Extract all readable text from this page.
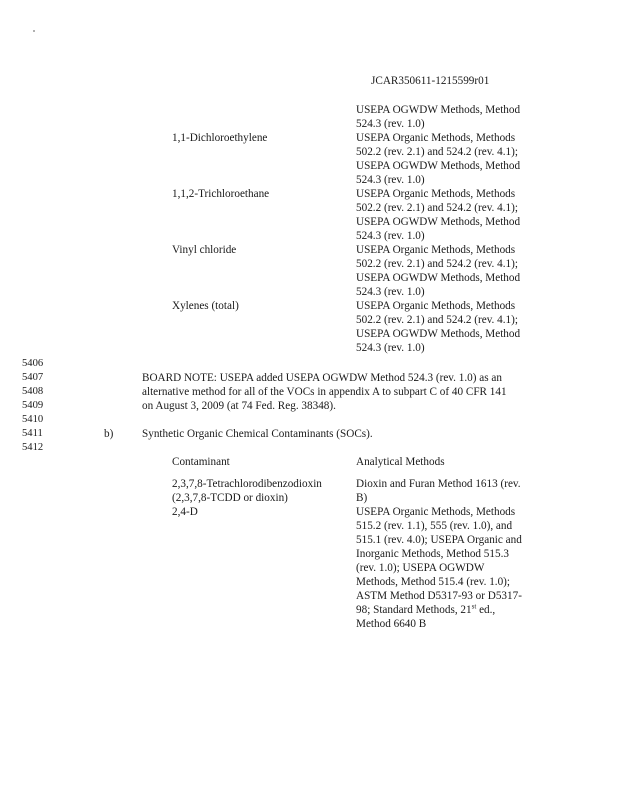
JCAR350611-1215599r01
USEPA OGWDW Methods, Method
524.3 (rev. 1.0)
1,1-Dichloroethylene	USEPA Organic Methods, Methods
502.2 (rev. 2.1) and 524.2 (rev. 4.1);
USEPA OGWDW Methods, Method
524.3 (rev. 1.0)
1,1,2-Trichloroethane	USEPA Organic Methods, Methods
502.2 (rev. 2.1) and 524.2 (rev. 4.1);
USEPA OGWDW Methods, Method
524.3 (rev. 1.0)
Vinyl chloride	USEPA Organic Methods, Methods
502.2 (rev. 2.1) and 524.2 (rev. 4.1);
USEPA OGWDW Methods, Method
524.3 (rev. 1.0)
Xylenes (total)	USEPA Organic Methods, Methods
502.2 (rev. 2.1) and 524.2 (rev. 4.1);
USEPA OGWDW Methods, Method
524.3 (rev. 1.0)
5406
5407
5408
5409
5410
5411
5412
BOARD NOTE: USEPA added USEPA OGWDW Method 524.3 (rev. 1.0) as an
alternative method for all of the VOCs in appendix A to subpart C of 40 CFR 141
on August 3, 2009 (at 74 Fed. Reg. 38348).
b)	Synthetic Organic Chemical Contaminants (SOCs).
Contaminant	Analytical Methods
2,3,7,8-Tetrachlorodibenzodioxin
(2,3,7,8-TCDD or dioxin)
Dioxin and Furan Method 1613 (rev.
B)
2,4-D	USEPA Organic Methods, Methods
515.2 (rev. 1.1), 555 (rev. 1.0), and
515.1 (rev. 4.0); USEPA Organic and
Inorganic Methods, Method 515.3
(rev. 1.0); USEPA OGWDW
Methods, Method 515.4 (rev. 1.0);
ASTM Method D5317-93 or D5317-
98; Standard Methods, 21st ed.,
Method 6640 B
